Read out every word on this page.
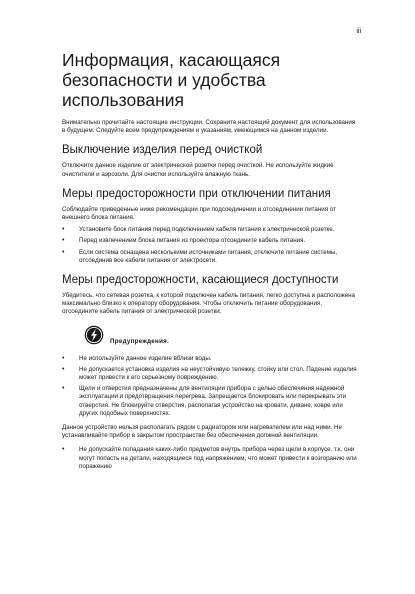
iii
Информация, касающаяся безопасности и удобства использования

Внимательно прочитайте настоящие инструкции. Сохраните настоящий документ для использования в будущем. Следуйте всем предупреждениям и указаниям, имеющимся на данном изделии.

Выключение изделия перед очисткой

Отключите данное изделие от электрической розетки перед очисткой. Не используйте жидкие очистители и аэрозоли. Для очистки используйте влажную ткань.

Меры предосторожности при отключении питания

Соблюдайте приведенные ниже рекомендации при подсоединении и отсоединении питания от внешнего блока питания.

• Установите блок питания перед подключением кабеля питания к электрической розетке.
• Перед извлечением блока питания из проектора отсоедините кабель питания.
• Если система оснащена несколькими источниками питания, отключите питание системы, отсоединив все кабели питания от электросети.
Меры предосторожности, касающиеся доступности

Убедитесь, что сетевая розетка, к которой подключен кабель питания, легко доступна и расположена максимально близко к оператору оборудования. Чтобы отключить питание оборудования, отсоедините кабель питания от электрической розетки.

Предупреждения.
• Не используйте данное изделие вблизи воды.
• Не допускается установка изделия на неустойчивую тележку, стойку или стол. Падение изделия может привести к его серьезному повреждению.
• Щели и отверстия предназначены для вентиляции прибора с целью обеспечения надежной эксплуатации и предотвращения перегрева. Запрещается блокировать или перекрывать эти отверстия. Не блокируйте отверстия, располагая устройство на кровати, диване, ковре или других подобных поверхностях.

Данное устройство нельзя располагать рядом с радиатором или нагревателем или над ними. Не устанавливайте прибор в закрытом пространстве без обеспечения должной вентиляции.

• Не допускайте попадания каких-либо предметов внутрь прибора через щели в корпусе, т.к. они могут попасть на детали, находящиеся под напряжением, что может привести к возгоранию или поражению
